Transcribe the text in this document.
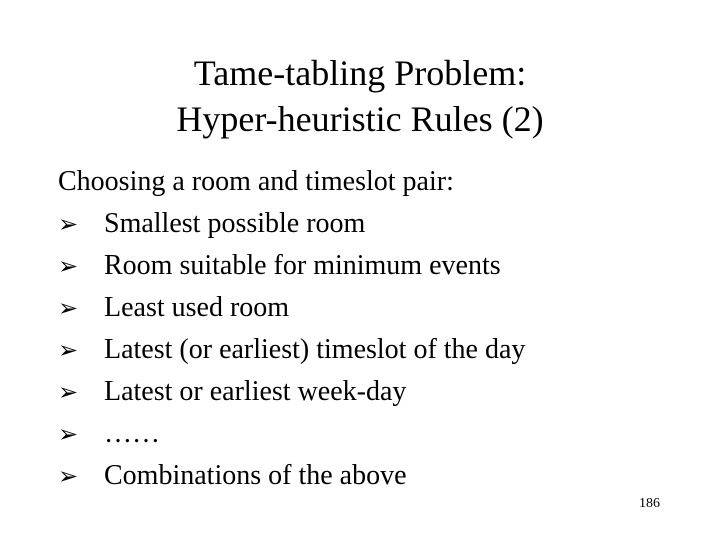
Tame-tabling Problem:
Hyper-heuristic Rules (2)
Choosing a room and timeslot pair:
➢ Smallest possible room
➢ Room suitable for minimum events
➢ Least used room
➢ Latest (or earliest) timeslot of the day
➢ Latest or earliest week-day
➢ ……
➢ Combinations of the above
186
